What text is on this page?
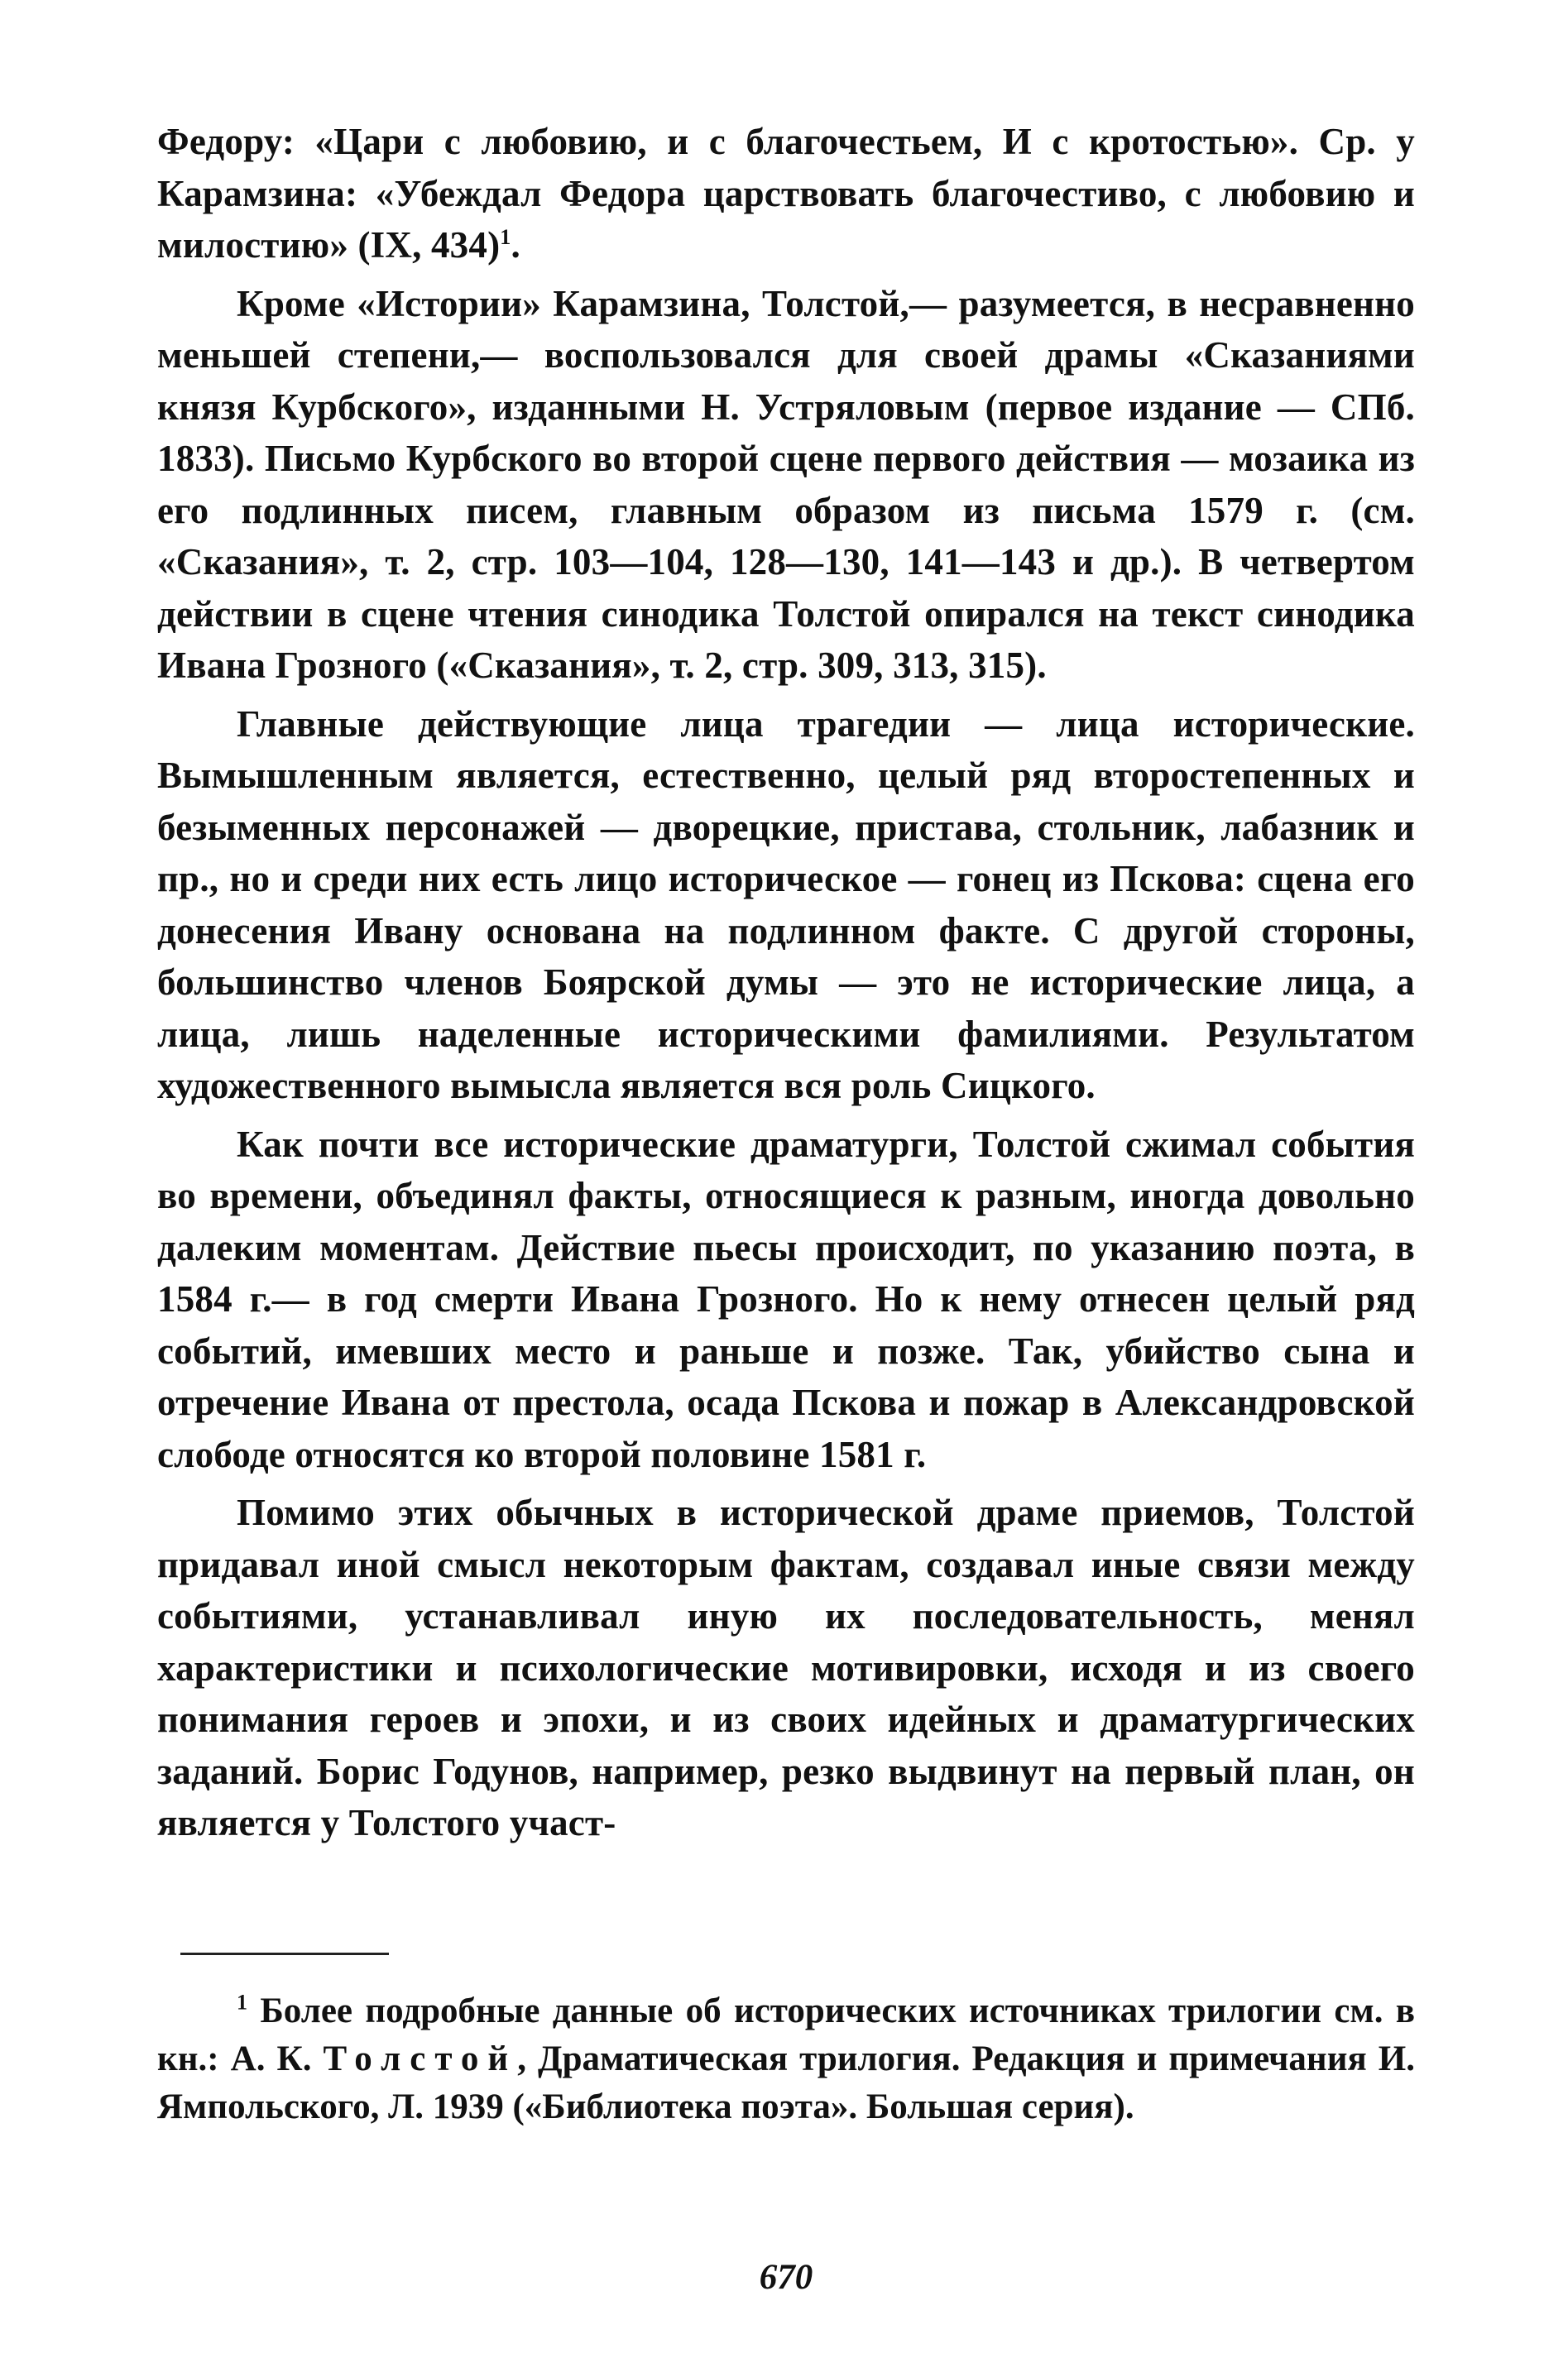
Федору: «Цари с любовию, и с благочестьем, И с кротостью». Ср. у Карамзина: «Убеждал Федора царствовать благочестиво, с любовию и милостию» (IX, 434)$^1$.

Кроме «Истории» Карамзина, Толстой,— разумеется, в несравненно меньшей степени,— воспользовался для своей драмы «Сказаниями князя Курбского», изданными Н. Устряловым (первое издание — СПб. 1833). Письмо Курбского во второй сцене первого действия — мозаика из его подлинных писем, главным образом из письма 1579 г. (см. «Сказания», т. 2, стр. 103—104, 128—130, 141—143 и др.). В четвертом действии в сцене чтения синодика Толстой опирался на текст синодика Ивана Грозного («Сказания», т. 2, стр. 309, 313, 315).

Главные действующие лица трагедии — лица исторические. Вымышленным является, естественно, целый ряд второстепенных и безыменных персонажей — дворецкие, пристава, стольник, лабазник и пр., но и среди них есть лицо историческое — гонец из Пскова: сцена его донесения Ивану основана на подлинном факте. С другой стороны, большинство членов Боярской думы — это не исторические лица, а лица, лишь наделенные историческими фамилиями. Результатом художественного вымысла является вся роль Сицкого.

Как почти все исторические драматурги, Толстой сжимал события во времени, объединял факты, относящиеся к разным, иногда довольно далеким моментам. Действие пьесы происходит, по указанию поэта, в 1584 г.— в год смерти Ивана Грозного. Но к нему отнесен целый ряд событий, имевших место и раньше и позже. Так, убийство сына и отречение Ивана от престола, осада Пскова и пожар в Александровской слободе относятся ко второй половине 1581 г.

Помимо этих обычных в исторической драме приемов, Толстой придавал иной смысл некоторым фактам, создавал иные связи между событиями, устанавливал иную их последовательность, менял характеристики и психологические мотивировки, исходя и из своего понимания героев и эпохи, и из своих идейных и драматургических заданий. Борис Годунов, например, резко выдвинут на первый план, он является у Толстого участ-

$^1$ Более подробные данные об исторических источниках трилогии см. в кн.: А. К. Толстой, Драматическая трилогия. Редакция и примечания И. Ямпольского, Л. 1939 («Библиотека поэта». Большая серия).
670
